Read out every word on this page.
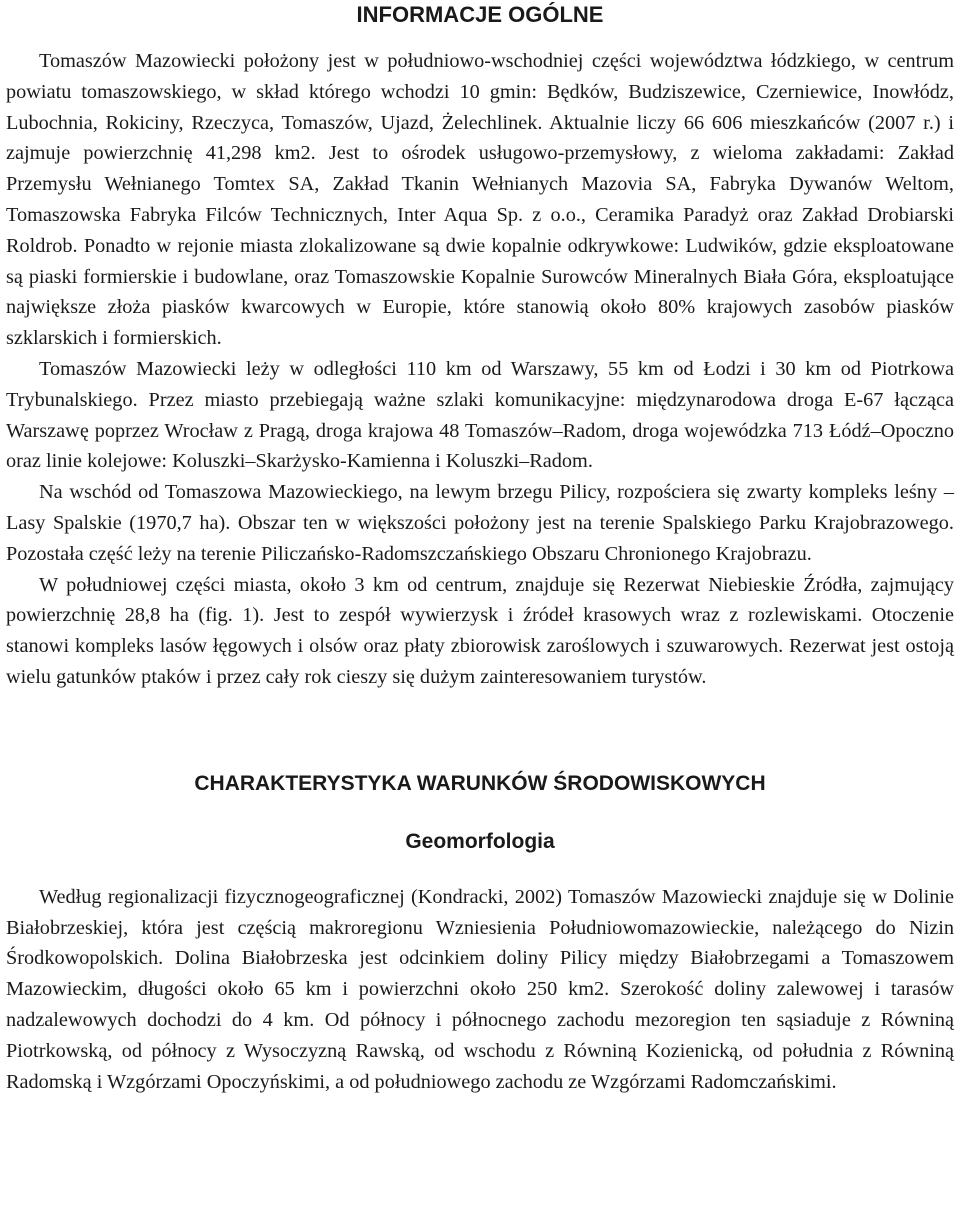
INFORMACJE OGÓLNE

Tomaszów Mazowiecki położony jest w południowo-wschodniej części województwa łódzkiego, w centrum powiatu tomaszowskiego, w skład którego wchodzi 10 gmin: Będków, Budziszewice, Czerniewice, Inowłódz, Lubochnia, Rokiciny, Rzeczyca, Tomaszów, Ujazd, Żelechlinek. Aktualnie liczy 66 606 mieszkańców (2007 r.) i zajmuje powierzchnię 41,298 km2. Jest to ośrodek usługowo-przemysłowy, z wieloma zakładami: Zakład Przemysłu Wełnianego Tomtex SA, Zakład Tkanin Wełnianych Mazovia SA, Fabryka Dywanów Weltom, Tomaszowska Fabryka Filców Technicznych, Inter Aqua Sp. z o.o., Ceramika Paradyż oraz Zakład Drobiarski Roldrob. Ponadto w rejonie miasta zlokalizowane są dwie kopalnie odkrywkowe: Ludwików, gdzie eksploatowane są piaski formierskie i budowlane, oraz Tomaszowskie Kopalnie Surowców Mineralnych Biała Góra, eksploatujące największe złoża piasków kwarcowych w Europie, które stanowią około 80% krajowych zasobów piasków szklarskich i formierskich.

Tomaszów Mazowiecki leży w odległości 110 km od Warszawy, 55 km od Łodzi i 30 km od Piotrkowa Trybunalskiego. Przez miasto przebiegają ważne szlaki komunikacyjne: międzynarodowa droga E-67 łącząca Warszawę poprzez Wrocław z Pragą, droga krajowa 48 Tomaszów–Radom, droga wojewódzka 713 Łódź–Opoczno oraz linie kolejowe: Koluszki–Skarżysko-Kamienna i Koluszki–Radom.

Na wschód od Tomaszowa Mazowieckiego, na lewym brzegu Pilicy, rozpościera się zwarty kompleks leśny – Lasy Spalskie (1970,7 ha). Obszar ten w większości położony jest na terenie Spalskiego Parku Krajobrazowego. Pozostała część leży na terenie Piliczańsko-Radomszczańskiego Obszaru Chronionego Krajobrazu.

W południowej części miasta, około 3 km od centrum, znajduje się Rezerwat Niebieskie Źródła, zajmujący powierzchnię 28,8 ha (fig. 1). Jest to zespół wywierzysk i źródeł krasowych wraz z rozlewiskami. Otoczenie stanowi kompleks lasów łęgowych i olsów oraz płaty zbiorowisk zaroślowych i szuwarowych. Rezerwat jest ostoją wielu gatunków ptaków i przez cały rok cieszy się dużym zainteresowaniem turystów.

CHARAKTERYSTYKA WARUNKÓW ŚRODOWISKOWYCH
Geomorfologia

Według regionalizacji fizycznogeograficznej (Kondracki, 2002) Tomaszów Mazowiecki znajduje się w Dolinie Białobrzeskiej, która jest częścią makroregionu Wzniesienia Południowomazowieckie, należącego do Nizin Środkowopolskich. Dolina Białobrzeska jest odcinkiem doliny Pilicy między Białobrzegami a Tomaszowem Mazowieckim, długości około 65 km i powierzchni około 250 km2. Szerokość doliny zalewowej i tarasów nadzalewowych dochodzi do 4 km. Od północy i północnego zachodu mezoregion ten sąsiaduje z Równiną Piotrkowską, od północy z Wysoczyzną Rawską, od wschodu z Równiną Kozienicką, od południa z Równiną Radomską i Wzgórzami Opoczyńskimi, a od południowego zachodu ze Wzgórzami Radomczańskimi.
